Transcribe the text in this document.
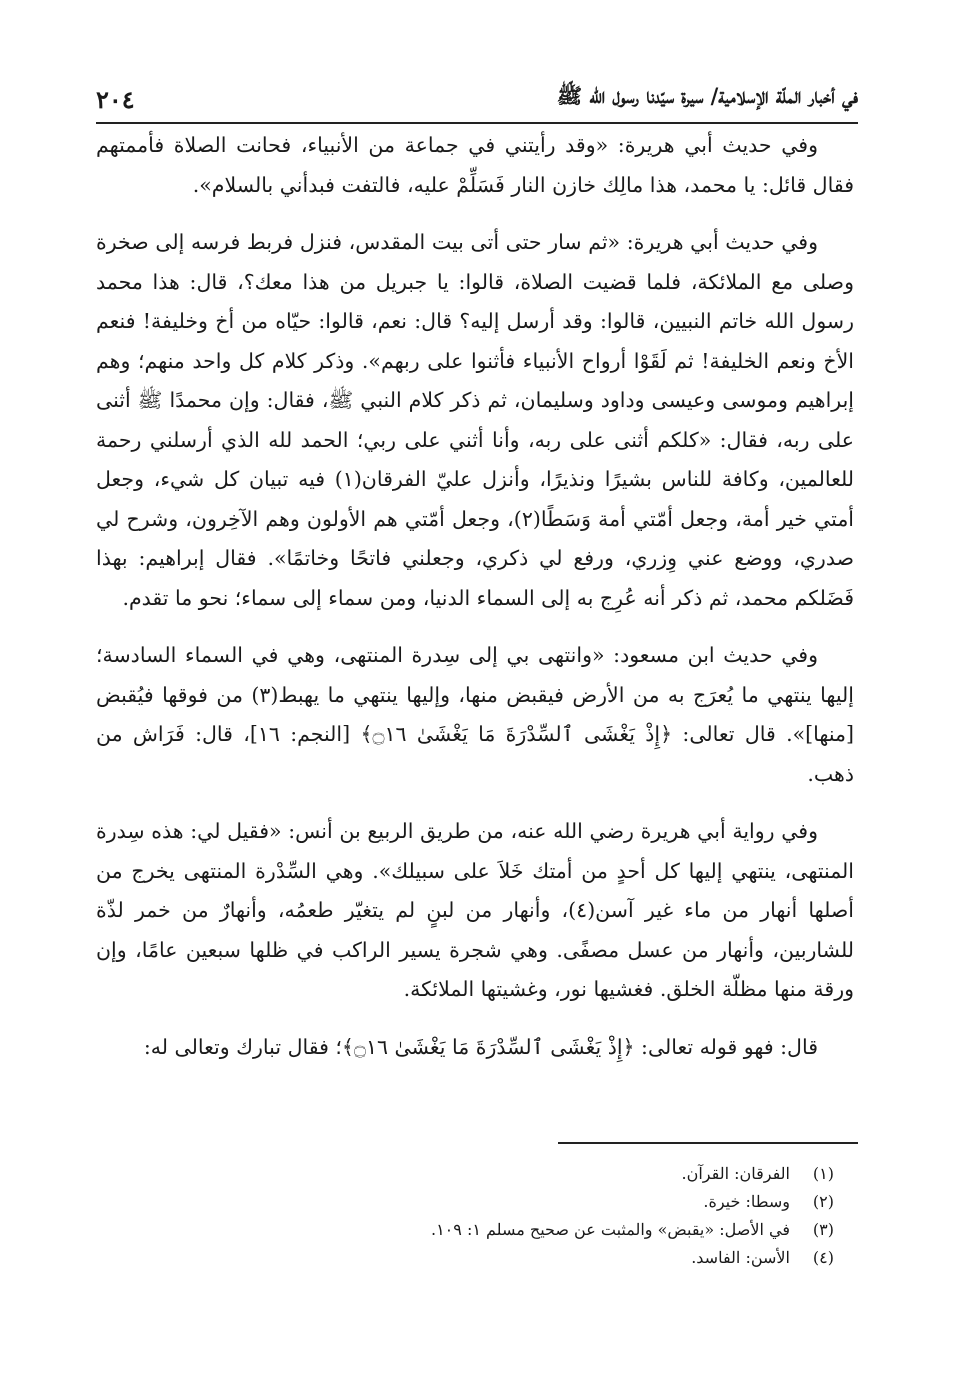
في أخبار الملّة الإسلامية/ سيرة سيّدنا رسول الله ﷺ
٢٠٤

وفي حديث أبي هريرة: «وقد رأيتني في جماعة من الأنبياء، فحانت الصلاة فأممتهم فقال قائل: يا محمد، هذا مالِك خازن النار فَسَلِّمْ عليه، فالتفت فبدأني بالسلام».

وفي حديث أبي هريرة: «ثم سار حتى أتى بيت المقدس، فنزل فربط فرسه إلى صخرة وصلى مع الملائكة، فلما قضيت الصلاة، قالوا: يا جبريل من هذا معك؟، قال: هذا محمد رسول الله خاتم النبيين، قالوا: وقد أرسل إليه؟ قال: نعم، قالوا: حيّاه من أخ وخليفة! فنعم الأخ ونعم الخليفة! ثم لَقَوْا أرواح الأنبياء فأثنوا على ربهم». وذكر كلام كل واحد منهم؛ وهم إبراهيم وموسى وعيسى وداود وسليمان، ثم ذكر كلام النبي ﷺ، فقال: وإن محمدًا ﷺ أثنى على ربه، فقال: «كلكم أثنى على ربه، وأنا أثني على ربي؛ الحمد لله الذي أرسلني رحمة للعالمين، وكافة للناس بشيرًا ونذيرًا، وأنزل عليّ الفرقان(١) فيه تبيان كل شيء، وجعل أمتي خير أمة، وجعل أمّتي أمة وَسَطًا(٢)، وجعل أمّتي هم الأولون وهم الآخِرون، وشرح لي صدري، ووضع عني وِزري، ورفع لي ذكري، وجعلني فاتحًا وخاتمًا». فقال إبراهيم: بهذا فَضَلكم محمد، ثم ذكر أنه عُرِج به إلى السماء الدنيا، ومن سماء إلى سماء؛ نحو ما تقدم.

وفي حديث ابن مسعود: «وانتهى بي إلى سِدرة المنتهى، وهي في السماء السادسة؛ إليها ينتهي ما يُعرَج به من الأرض فيقبض منها، وإليها ينتهي ما يهبط(٣) من فوقها فيُقبض [منها]». قال تعالى: ﴿إِذْ يَغْشَى ٱلسِّدْرَةَ مَا يَغْشَىٰ ۝١٦﴾ [النجم: ١٦]، قال: فَرَاش من ذهب.

وفي رواية أبي هريرة رضي الله عنه، من طريق الربيع بن أنس: «فقيل لي: هذه سِدرة المنتهى، ينتهي إليها كل أحدٍ من أمتك خَلاَ على سبيلك». وهي السِّدْرة المنتهى يخرج من أصلها أنهار من ماء غير آسن(٤)، وأنهار من لبنٍ لم يتغيّر طعمُه، وأنهارٌ من خمر لذّة للشاربين، وأنهار من عسل مصفًى. وهي شجرة يسير الراكب في ظلها سبعين عامًا، وإن ورقة منها مظلّة الخلق. فغشيها نور، وغشيتها الملائكة.

قال: فهو قوله تعالى: ﴿إِذْ يَغْشَى ٱلسِّدْرَةَ مَا يَغْشَىٰ ۝١٦﴾؛ فقال تبارك وتعالى له:

(١)
الفرقان: القرآن.
(٢)
وسطا: خيرة.
(٣)
في الأصل: «يقبض» والمثبت عن صحيح مسلم ١: ١٠٩.
(٤)
الأسن: الفاسد.
